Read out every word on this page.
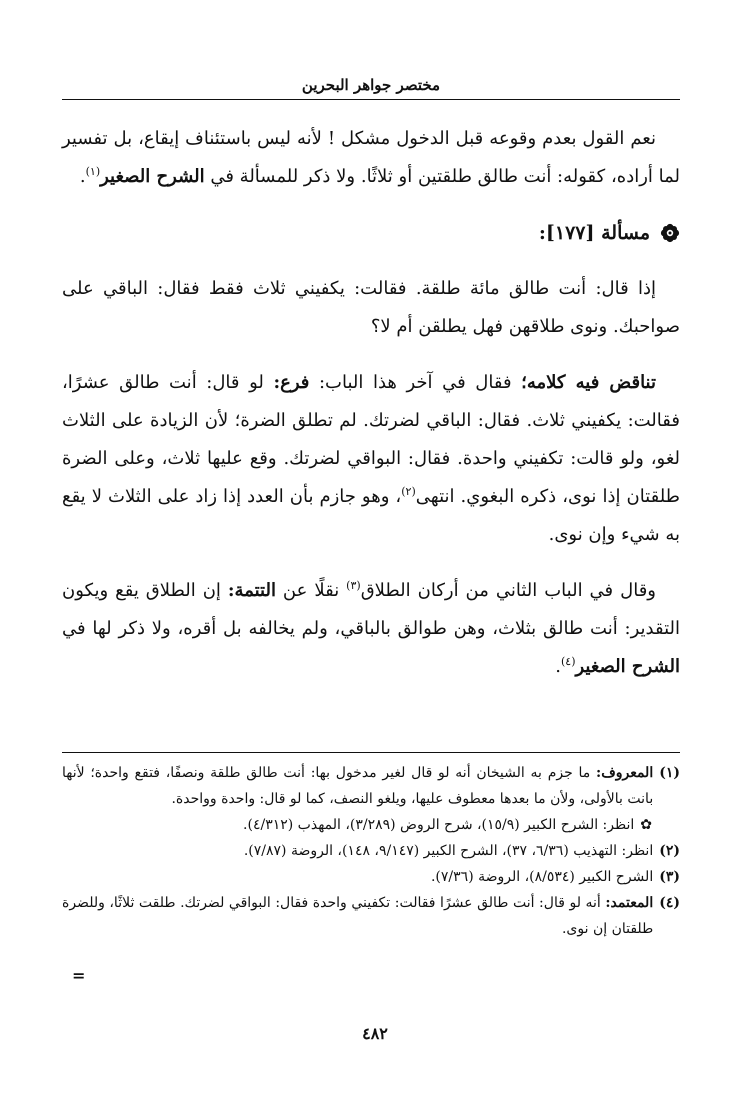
مختصر جواهر البحرين

نعم القول بعدم وقوعه قبل الدخول مشكل ! لأنه ليس باستئناف إيقاع، بل تفسير لما أراده، كقوله: أنت طالق طلقتين أو ثلاثًا. ولا ذكر للمسألة في الشرح الصغير$^{(١)}$.

مسألة [١٧٧]:

إذا قال: أنت طالق مائة طلقة. فقالت: يكفيني ثلاث فقط فقال: الباقي على صواحبك. ونوى طلاقهن فهل يطلقن أم لا؟

تناقض فيه كلامه؛ فقال في آخر هذا الباب: فرع: لو قال: أنت طالق عشرًا، فقالت: يكفيني ثلاث. فقال: الباقي لضرتك. لم تطلق الضرة؛ لأن الزيادة على الثلاث لغو، ولو قالت: تكفيني واحدة. فقال: البواقي لضرتك. وقع عليها ثلاث، وعلى الضرة طلقتان إذا نوى، ذكره البغوي. انتهى$^{(٢)}$، وهو جازم بأن العدد إذا زاد على الثلاث لا يقع به شيء وإن نوى.

وقال في الباب الثاني من أركان الطلاق$^{(٣)}$ نقلًا عن التتمة: إن الطلاق يقع ويكون التقدير: أنت طالق بثلاث، وهن طوالق بالباقي، ولم يخالفه بل أقره، ولا ذكر لها في الشرح الصغير$^{(٤)}$.

(١)
المعروف: ما جزم به الشيخان أنه لو قال لغير مدخول بها: أنت طالق طلقة ونصفًا، فتقع واحدة؛ لأنها بانت بالأولى، ولأن ما بعدها معطوف عليها، ويلغو النصف، كما لو قال: واحدة وواحدة.
✿
انظر: الشرح الكبير (١٥/٩)، شرح الروض (٣/٢٨٩)، المهذب (٤/٣١٢).
(٢)
انظر: التهذيب (٦/٣٦، ٣٧)، الشرح الكبير (٩/١٤٧، ١٤٨)، الروضة (٧/٨٧).
(٣)
الشرح الكبير (٨/٥٣٤)، الروضة (٧/٣٦).
(٤)
المعتمد: أنه لو قال: أنت طالق عشرًا فقالت: تكفيني واحدة فقال: البواقي لضرتك. طلقت ثلاثًا، وللضرة طلقتان إن نوى.
=
٤٨٢
